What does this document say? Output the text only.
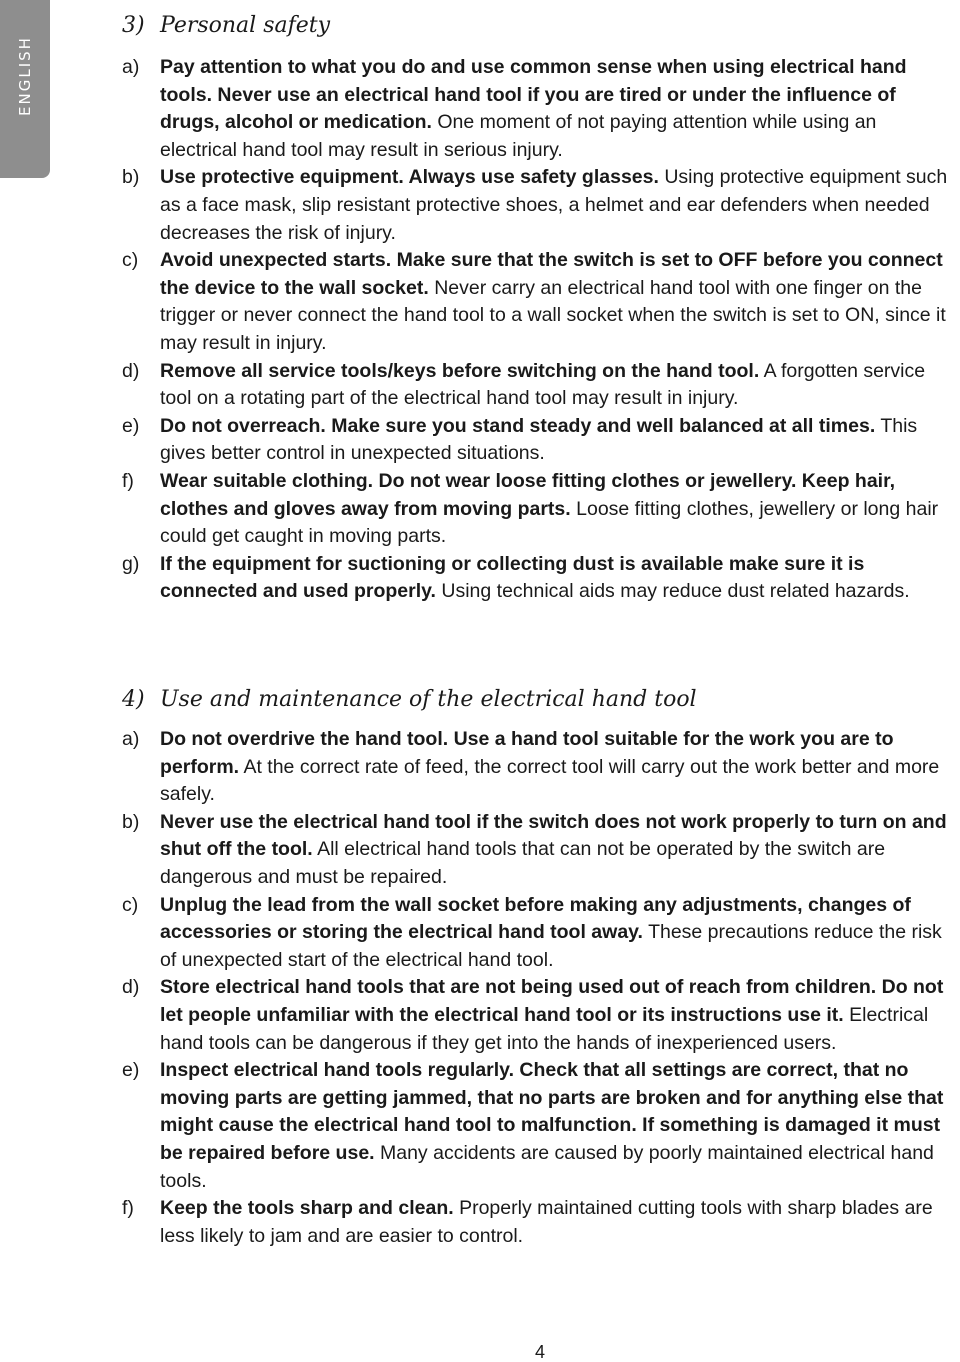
ENGLISH
3) Personal safety
a) Pay attention to what you do and use common sense when using electrical hand tools. Never use an electrical hand tool if you are tired or under the influence of drugs, alcohol or medication. One moment of not paying attention while using an electrical hand tool may result in serious injury.
b) Use protective equipment. Always use safety glasses. Using protective equipment such as a face mask, slip resistant protective shoes, a helmet and ear defenders when needed decreases the risk of injury.
c) Avoid unexpected starts. Make sure that the switch is set to OFF before you connect the device to the wall socket. Never carry an electrical hand tool with one finger on the trigger or never connect the hand tool to a wall socket when the switch is set to ON, since it may result in injury.
d) Remove all service tools/keys before switching on the hand tool. A forgotten service tool on a rotating part of the electrical hand tool may result in injury.
e) Do not overreach. Make sure you stand steady and well balanced at all times. This gives better control in unexpected situations.
f) Wear suitable clothing. Do not wear loose fitting clothes or jewellery. Keep hair, clothes and gloves away from moving parts. Loose fitting clothes, jewellery or long hair could get caught in moving parts.
g) If the equipment for suctioning or collecting dust is available make sure it is connected and used properly. Using technical aids may reduce dust related hazards.
4) Use and maintenance of the electrical hand tool
a) Do not overdrive the hand tool. Use a hand tool suitable for the work you are to perform. At the correct rate of feed, the correct tool will carry out the work better and more safely.
b) Never use the electrical hand tool if the switch does not work properly to turn on and shut off the tool. All electrical hand tools that can not be operated by the switch are dangerous and must be repaired.
c) Unplug the lead from the wall socket before making any adjustments, changes of accessories or storing the electrical hand tool away. These precautions reduce the risk of unexpected start of the electrical hand tool.
d) Store electrical hand tools that are not being used out of reach from children. Do not let people unfamiliar with the electrical hand tool or its instructions use it. Electrical hand tools can be dangerous if they get into the hands of inexperienced users.
e) Inspect electrical hand tools regularly. Check that all settings are correct, that no moving parts are getting jammed, that no parts are broken and for anything else that might cause the electrical hand tool to malfunction. If something is damaged it must be repaired before use. Many accidents are caused by poorly maintained electrical hand tools.
f) Keep the tools sharp and clean. Properly maintained cutting tools with sharp blades are less likely to jam and are easier to control.
4
